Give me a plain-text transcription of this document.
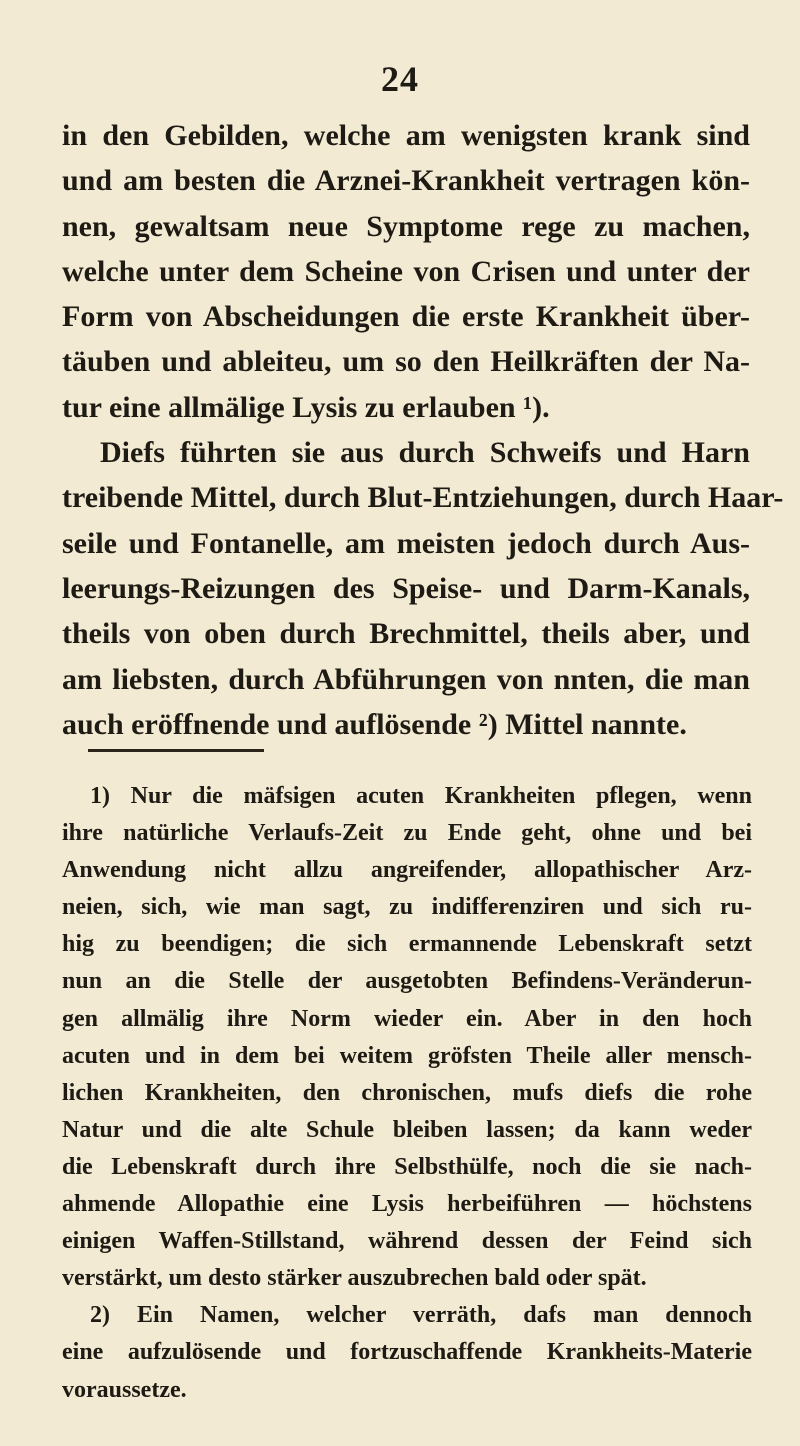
24
in den Gebilden, welche am wenigsten krank sind
und am besten die Arznei-Krankheit vertragen kön-
nen, gewaltsam neue Symptome rege zu machen,
welche unter dem Scheine von Crisen und unter der
Form von Abscheidungen die erste Krankheit über-
täuben und ableiteu, um so den Heilkräften der Na-
tur eine allmälige Lysis zu erlauben ¹).
Diefs führten sie aus durch Schweifs und Harn
treibende Mittel, durch Blut-Entziehungen, durch Haar-
seile und Fontanelle, am meisten jedoch durch Aus-
leerungs-Reizungen des Speise- und Darm-Kanals,
theils von oben durch Brechmittel, theils aber, und
am liebsten, durch Abführungen von nnten, die man
auch eröffnende und auflösende ²) Mittel nannte.
1) Nur die mäfsigen acuten Krankheiten pflegen, wenn
ihre natürliche Verlaufs-Zeit zu Ende geht, ohne und bei
Anwendung nicht allzu angreifender, allopathischer Arz-
neien, sich, wie man sagt, zu indifferenziren und sich ru-
hig zu beendigen; die sich ermannende Lebenskraft setzt
nun an die Stelle der ausgetobten Befindens-Veränderun-
gen allmälig ihre Norm wieder ein. Aber in den hoch
acuten und in dem bei weitem gröfsten Theile aller mensch-
lichen Krankheiten, den chronischen, mufs diefs die rohe
Natur und die alte Schule bleiben lassen; da kann weder
die Lebenskraft durch ihre Selbsthülfe, noch die sie nach-
ahmende Allopathie eine Lysis herbeiführen — höchstens
einigen Waffen-Stillstand, während dessen der Feind sich
verstärkt, um desto stärker auszubrechen bald oder spät.
2) Ein Namen, welcher verräth, dafs man dennoch
eine aufzulösende und fortzuschaffende Krankheits-Materie
voraussetze.
